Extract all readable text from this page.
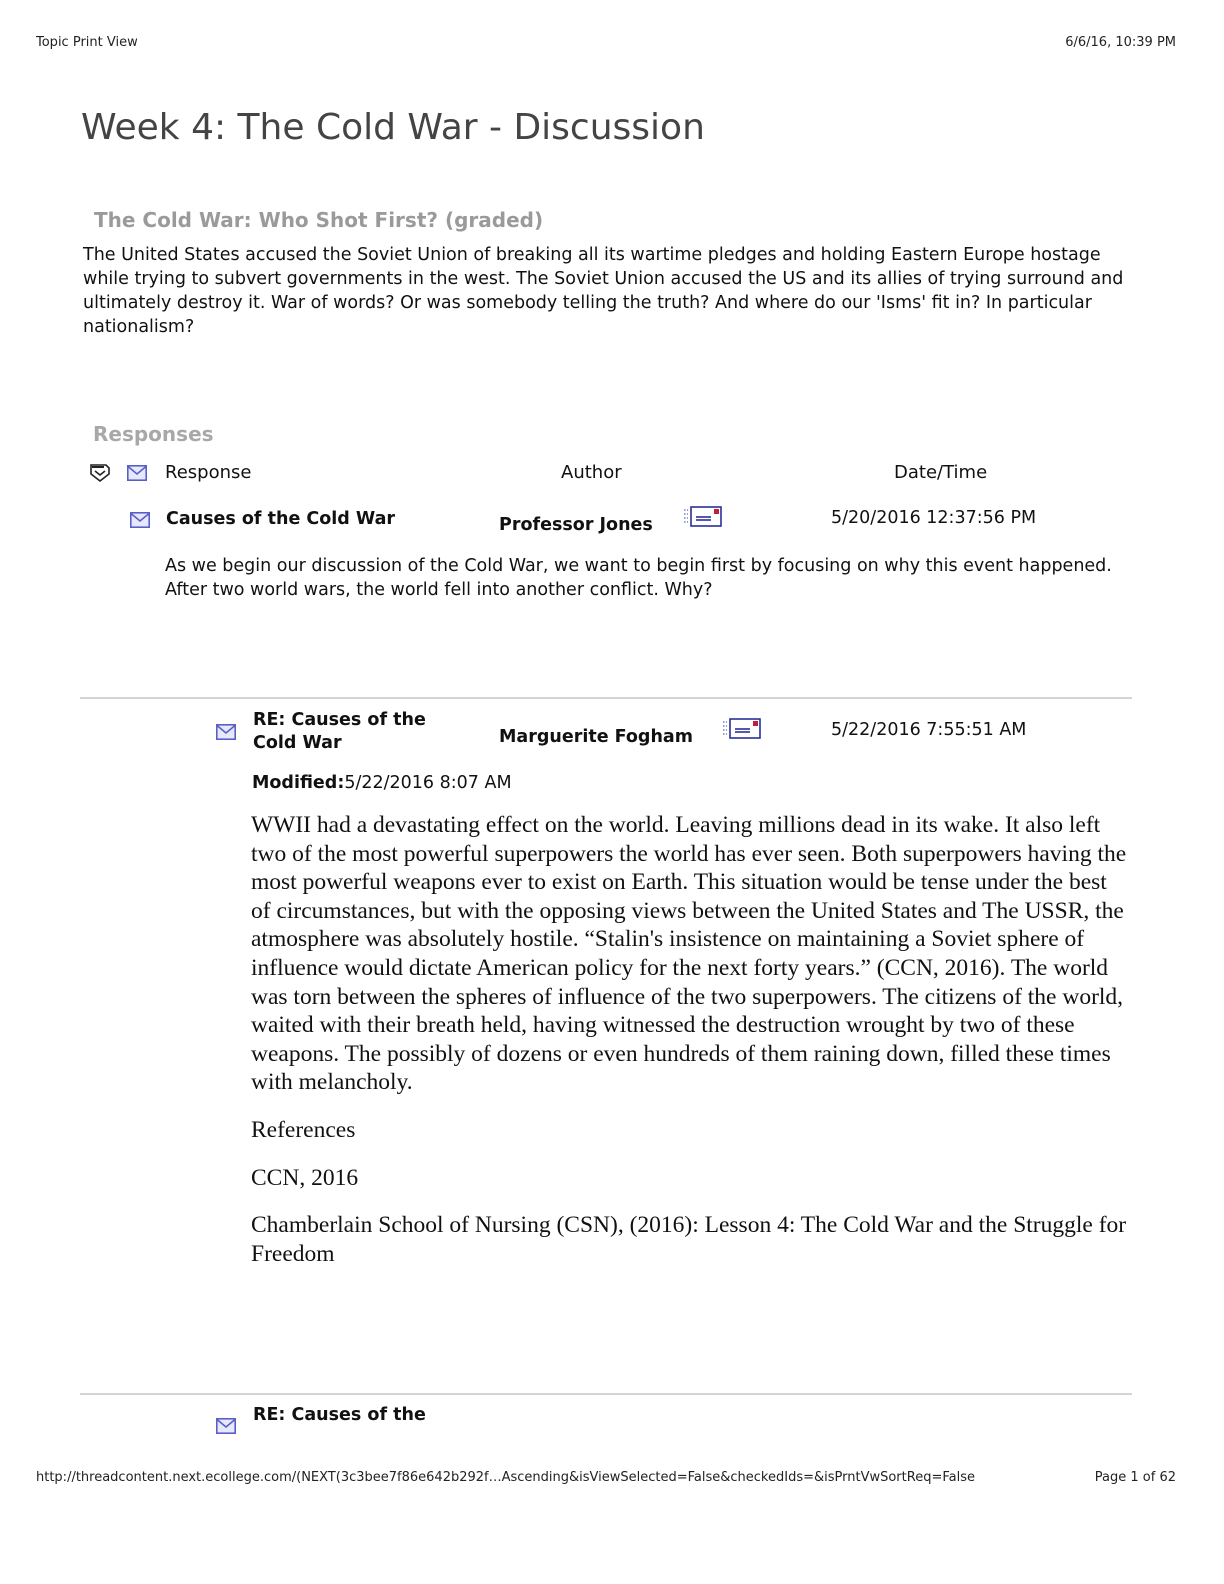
Topic Print View	6/6/16, 10:39 PM
Week 4: The Cold War - Discussion
The Cold War: Who Shot First? (graded)
The United States accused the Soviet Union of breaking all its wartime pledges and holding Eastern Europe hostage while trying to subvert governments in the west. The Soviet Union accused the US and its allies of trying surround and ultimately destroy it. War of words? Or was somebody telling the truth? And where do our 'Isms' fit in? In particular nationalism?
Responses
Response	Author	Date/Time
Causes of the Cold War	Professor Jones	5/20/2016 12:37:56 PM
As we begin our discussion of the Cold War, we want to begin first by focusing on why this event happened. After two world wars, the world fell into another conflict. Why?
RE: Causes of the Cold War	Marguerite Fogham	5/22/2016 7:55:51 AM
Modified:5/22/2016 8:07 AM

WWII had a devastating effect on the world. Leaving millions dead in its wake. It also left two of the most powerful superpowers the world has ever seen. Both superpowers having the most powerful weapons ever to exist on Earth. This situation would be tense under the best of circumstances, but with the opposing views between the United States and The USSR, the atmosphere was absolutely hostile. “Stalin's insistence on maintaining a Soviet sphere of influence would dictate American policy for the next forty years.” (CCN, 2016). The world was torn between the spheres of influence of the two superpowers. The citizens of the world, waited with their breath held, having witnessed the destruction wrought by two of these weapons. The possibly of dozens or even hundreds of them raining down, filled these times with melancholy.

References

CCN, 2016

Chamberlain School of Nursing (CSN), (2016): Lesson 4: The Cold War and the Struggle for Freedom

RE: Causes of the
http://threadcontent.next.ecollege.com/(NEXT(3c3bee7f86e642b292f…Ascending&isViewSelected=False&checkedIds=&isPrntVwSortReq=False	Page 1 of 62
